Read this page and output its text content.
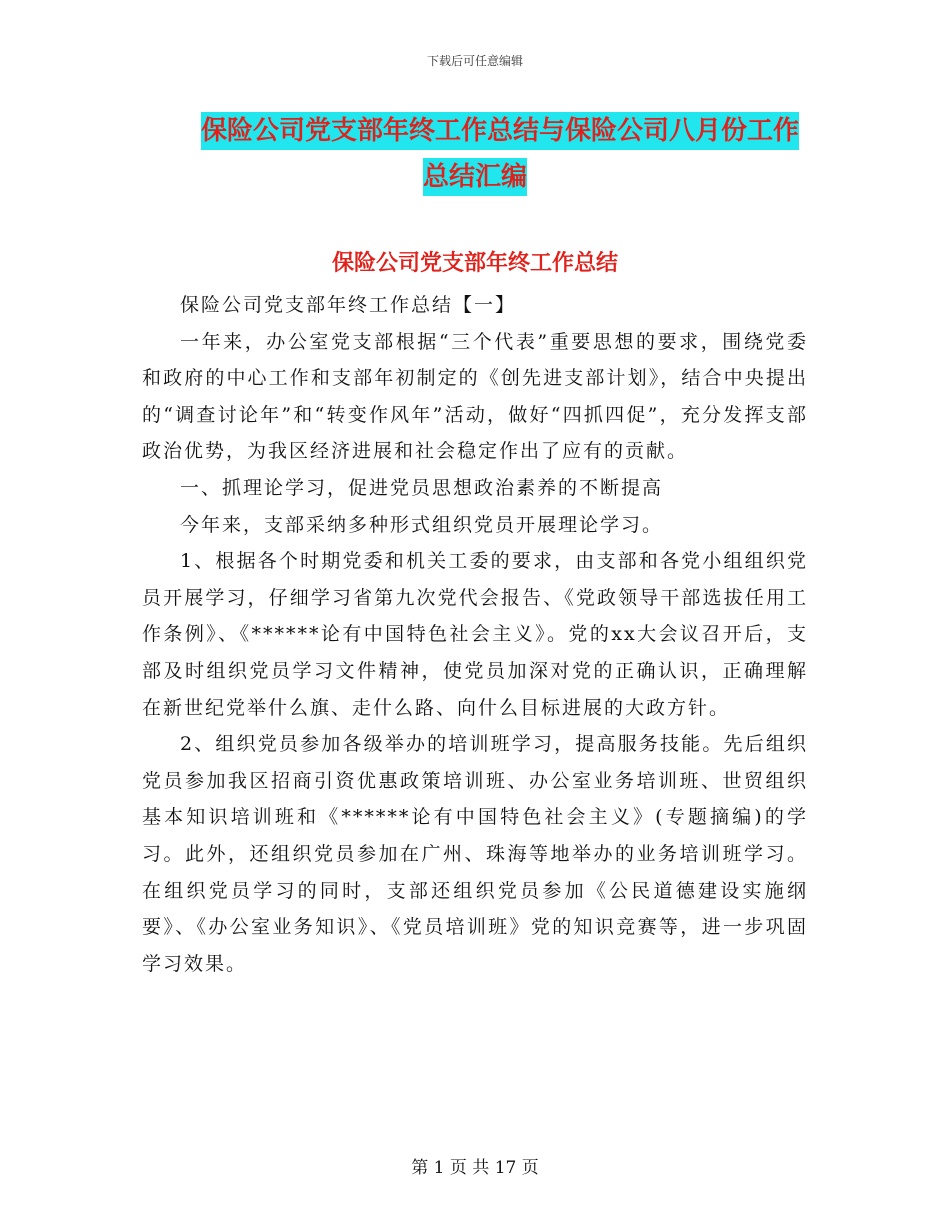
下载后可任意编辑
保险公司党支部年终工作总结与保险公司八月份工作
总结汇编
保险公司党支部年终工作总结

保险公司党支部年终工作总结【一】

一年来，办公室党支部根据“三个代表”重要思想的要求，围绕党委和政府的中心工作和支部年初制定的《创先进支部计划》，结合中央提出的“调查讨论年”和“转变作风年”活动，做好“四抓四促”，充分发挥支部政治优势，为我区经济进展和社会稳定作出了应有的贡献。

一、抓理论学习，促进党员思想政治素养的不断提高

今年来，支部采纳多种形式组织党员开展理论学习。

1、根据各个时期党委和机关工委的要求，由支部和各党小组组织党员开展学习，仔细学习省第九次党代会报告、《党政领导干部选拔任用工作条例》、《******论有中国特色社会主义》。党的xx大会议召开后，支部及时组织党员学习文件精神，使党员加深对党的正确认识，正确理解在新世纪党举什么旗、走什么路、向什么目标进展的大政方针。

2、组织党员参加各级举办的培训班学习，提高服务技能。先后组织党员参加我区招商引资优惠政策培训班、办公室业务培训班、世贸组织基本知识培训班和《******论有中国特色社会主义》(专题摘编)的学习。此外，还组织党员参加在广州、珠海等地举办的业务培训班学习。在组织党员学习的同时，支部还组织党员参加《公民道德建设实施纲要》、《办公室业务知识》、《党员培训班》党的知识竞赛等，进一步巩固学习效果。

第 1 页 共 17 页
